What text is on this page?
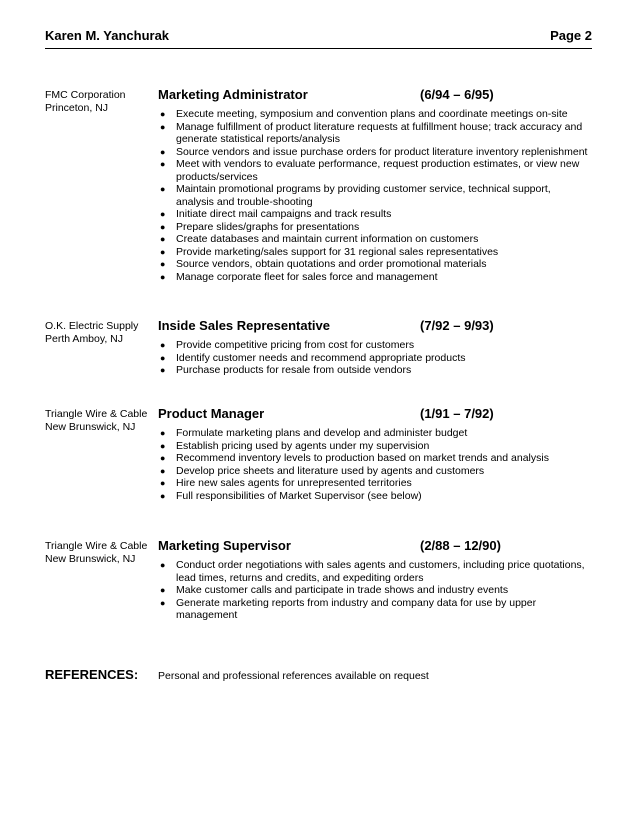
Karen M. Yanchurak	Page 2
FMC Corporation
Princeton, NJ
Marketing Administrator	(6/94 – 6/95)
● Execute meeting, symposium and convention plans and coordinate meetings on-site
● Manage fulfillment of product literature requests at fulfillment house; track accuracy and generate statistical reports/analysis
● Source vendors and issue purchase orders for product literature inventory replenishment
● Meet with vendors to evaluate performance, request production estimates, or view new products/services
● Maintain promotional programs by providing customer service, technical support, analysis and trouble-shooting
● Initiate direct mail campaigns and track results
● Prepare slides/graphs for presentations
● Create databases and maintain current information on customers
● Provide marketing/sales support for 31 regional sales representatives
● Source vendors, obtain quotations and order promotional materials
● Manage corporate fleet for sales force and management
O.K. Electric Supply
Perth Amboy, NJ
Inside Sales Representative	(7/92 – 9/93)
● Provide competitive pricing from cost for customers
● Identify customer needs and recommend appropriate products
● Purchase products for resale from outside vendors
Triangle Wire & Cable
New Brunswick, NJ
Product Manager	(1/91 – 7/92)
● Formulate marketing plans and develop and administer budget
● Establish pricing used by agents under my supervision
● Recommend inventory levels to production based on market trends and analysis
● Develop price sheets and literature used by agents and customers
● Hire new sales agents for unrepresented territories
● Full responsibilities of Market Supervisor (see below)
Triangle Wire & Cable
New Brunswick, NJ
Marketing Supervisor	(2/88 – 12/90)
● Conduct order negotiations with sales agents and customers, including price quotations, lead times, returns and credits, and expediting orders
● Make customer calls and participate in trade shows and industry events
● Generate marketing reports from industry and company data for use by upper management
REFERENCES: Personal and professional references available on request
